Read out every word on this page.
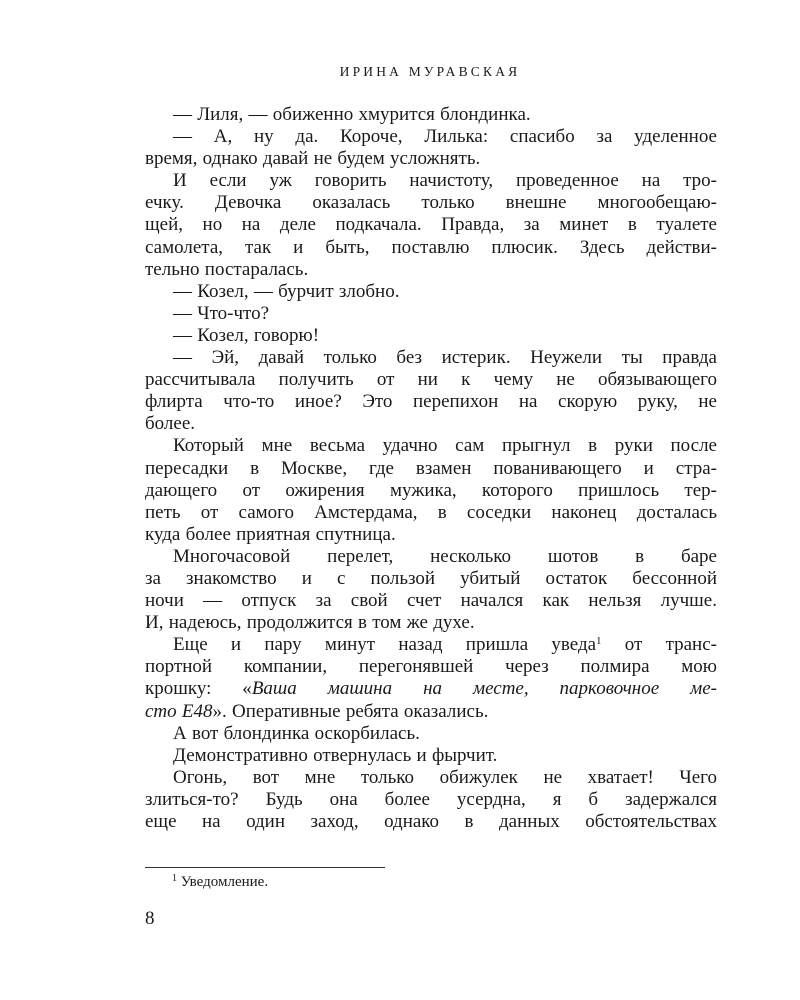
ИРИНА МУРАВСКАЯ
— Лиля, — обиженно хмурится блондинка.
— А, ну да. Короче, Лилька: спасибо за уделенное
время, однако давай не будем усложнять.
И если уж говорить начистоту, проведенное на тро-
ечку. Девочка оказалась только внешне многообещаю-
щей, но на деле подкачала. Правда, за минет в туалете
самолета, так и быть, поставлю плюсик. Здесь действи-
тельно постаралась.
— Козел, — бурчит злобно.
— Что-что?
— Козел, говорю!
— Эй, давай только без истерик. Неужели ты правда
рассчитывала получить от ни к чему не обязывающего
флирта что-то иное? Это перепихон на скорую руку, не
более.
Который мне весьма удачно сам прыгнул в руки после
пересадки в Москве, где взамен пованивающего и стра-
дающего от ожирения мужика, которого пришлось тер-
петь от самого Амстердама, в соседки наконец досталась
куда более приятная спутница.
Многочасовой перелет, несколько шотов в баре
за знакомство и с пользой убитый остаток бессонной
ночи — отпуск за свой счет начался как нельзя лучше.
И, надеюсь, продолжится в том же духе.
Еще и пару минут назад пришла уведа$^1$ от транс-
портной компании, перегонявшей через полмира мою
крошку: «Ваша машина на месте, парковочное ме-
сто Е48». Оперативные ребята оказались.
А вот блондинка оскорбилась.
Демонстративно отвернулась и фырчит.
Огонь, вот мне только обижулек не хватает! Чего
злиться-то? Будь она более усердна, я б задержался
еще на один заход, однако в данных обстоятельствах
$^1$ Уведомление.
8
